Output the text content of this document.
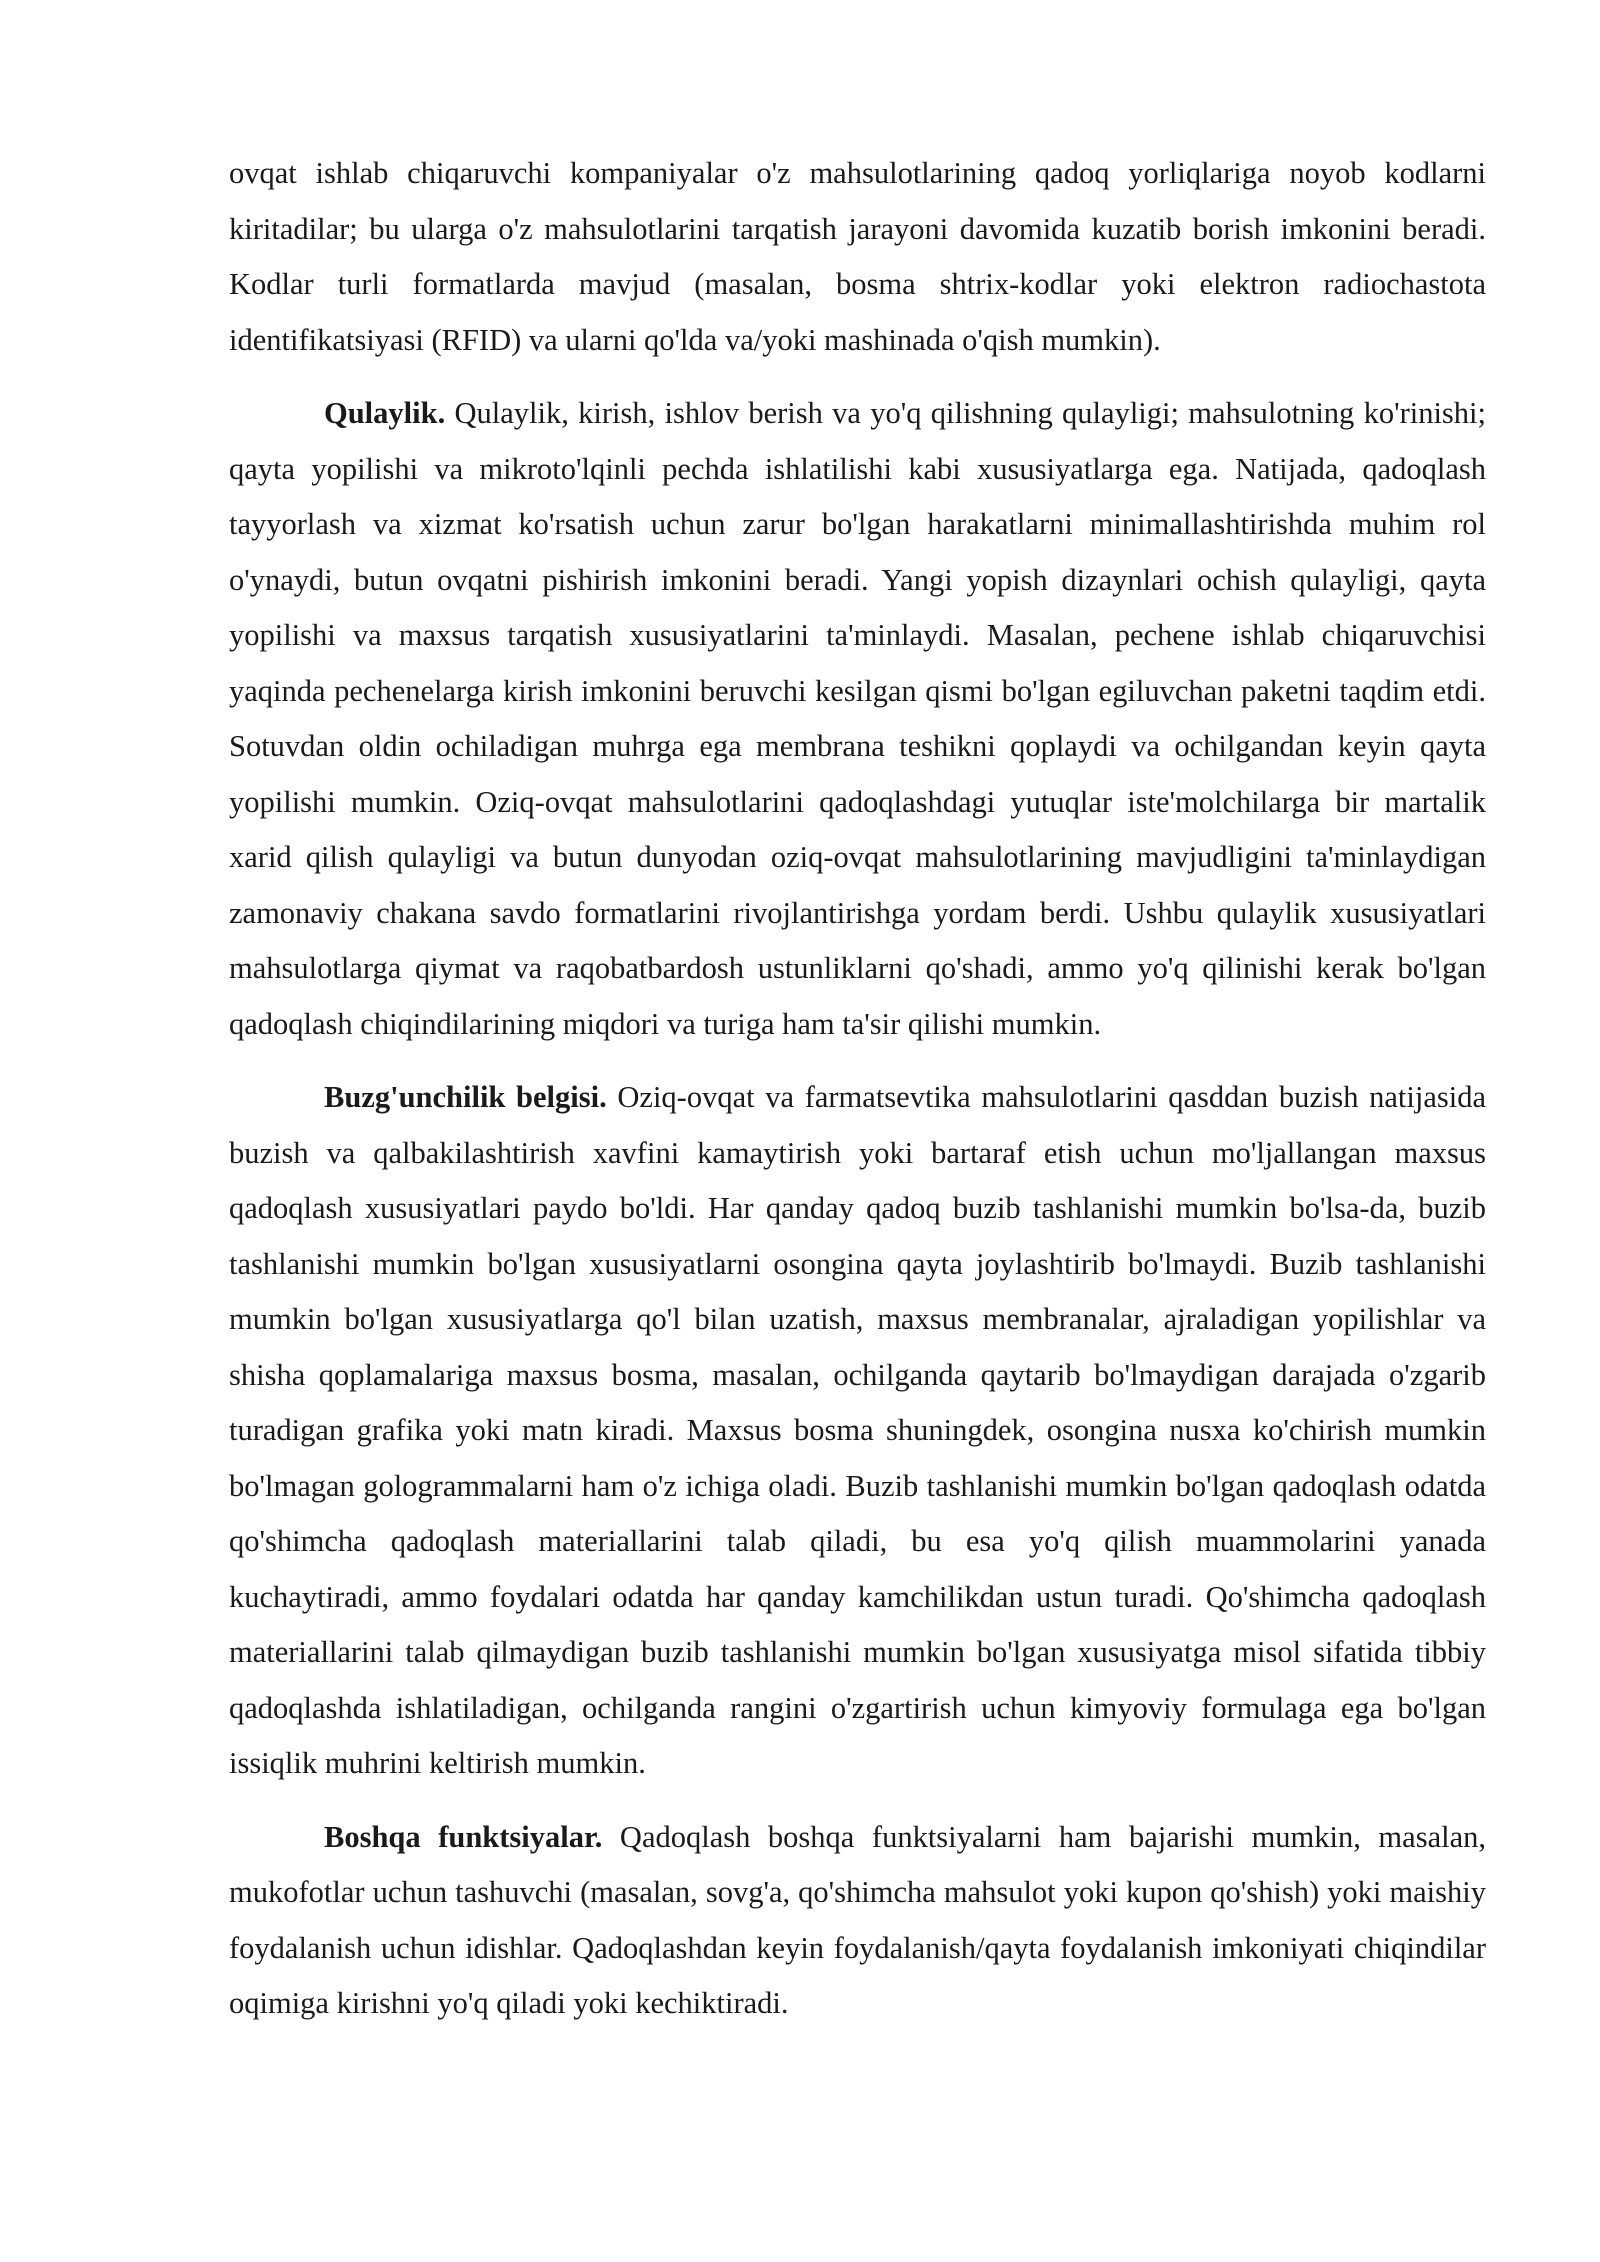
ovqat ishlab chiqaruvchi kompaniyalar o'z mahsulotlarining qadoq yorliqlariga noyob kodlarni kiritadilar; bu ularga o'z mahsulotlarini tarqatish jarayoni davomida kuzatib borish imkonini beradi. Kodlar turli formatlarda mavjud (masalan, bosma shtrix-kodlar yoki elektron radiochastota identifikatsiyasi (RFID) va ularni qo'lda va/yoki mashinada o'qish mumkin).

Qulaylik. Qulaylik, kirish, ishlov berish va yo'q qilishning qulayligi; mahsulotning ko'rinishi; qayta yopilishi va mikroto'lqinli pechda ishlatilishi kabi xususiyatlarga ega. Natijada, qadoqlash tayyorlash va xizmat ko'rsatish uchun zarur bo'lgan harakatlarni minimallashtirishda muhim rol o'ynaydi, butun ovqatni pishirish imkonini beradi. Yangi yopish dizaynlari ochish qulayligi, qayta yopilishi va maxsus tarqatish xususiyatlarini ta'minlaydi. Masalan, pechene ishlab chiqaruvchisi yaqinda pechenelarga kirish imkonini beruvchi kesilgan qismi bo'lgan egiluvchan paketni taqdim etdi. Sotuvdan oldin ochiladigan muhrga ega membrana teshikni qoplaydi va ochilgandan keyin qayta yopilishi mumkin. Oziq-ovqat mahsulotlarini qadoqlashdagi yutuqlar iste'molchilarga bir martalik xarid qilish qulayligi va butun dunyodan oziq-ovqat mahsulotlarining mavjudligini ta'minlaydigan zamonaviy chakana savdo formatlarini rivojlantirishga yordam berdi. Ushbu qulaylik xususiyatlari mahsulotlarga qiymat va raqobatbardosh ustunliklarni qo'shadi, ammo yo'q qilinishi kerak bo'lgan qadoqlash chiqindilarining miqdori va turiga ham ta'sir qilishi mumkin.

Buzg'unchilik belgisi. Oziq-ovqat va farmatsevtika mahsulotlarini qasddan buzish natijasida buzish va qalbakilashtirish xavfini kamaytirish yoki bartaraf etish uchun mo'ljallangan maxsus qadoqlash xususiyatlari paydo bo'ldi. Har qanday qadoq buzib tashlanishi mumkin bo'lsa-da, buzib tashlanishi mumkin bo'lgan xususiyatlarni osongina qayta joylashtirib bo'lmaydi. Buzib tashlanishi mumkin bo'lgan xususiyatlarga qo'l bilan uzatish, maxsus membranalar, ajraladigan yopilishlar va shisha qoplamalariga maxsus bosma, masalan, ochilganda qaytarib bo'lmaydigan darajada o'zgarib turadigan grafika yoki matn kiradi. Maxsus bosma shuningdek, osongina nusxa ko'chirish mumkin bo'lmagan gologrammalarni ham o'z ichiga oladi. Buzib tashlanishi mumkin bo'lgan qadoqlash odatda qo'shimcha qadoqlash materiallarini talab qiladi, bu esa yo'q qilish muammolarini yanada kuchaytiradi, ammo foydalari odatda har qanday kamchilikdan ustun turadi. Qo'shimcha qadoqlash materiallarini talab qilmaydigan buzib tashlanishi mumkin bo'lgan xususiyatga misol sifatida tibbiy qadoqlashda ishlatiladigan, ochilganda rangini o'zgartirish uchun kimyoviy formulaga ega bo'lgan issiqlik muhrini keltirish mumkin.

Boshqa funktsiyalar. Qadoqlash boshqa funktsiyalarni ham bajarishi mumkin, masalan, mukofotlar uchun tashuvchi (masalan, sovg'a, qo'shimcha mahsulot yoki kupon qo'shish) yoki maishiy foydalanish uchun idishlar. Qadoqlashdan keyin foydalanish/qayta foydalanish imkoniyati chiqindilar oqimiga kirishni yo'q qiladi yoki kechiktiradi.
